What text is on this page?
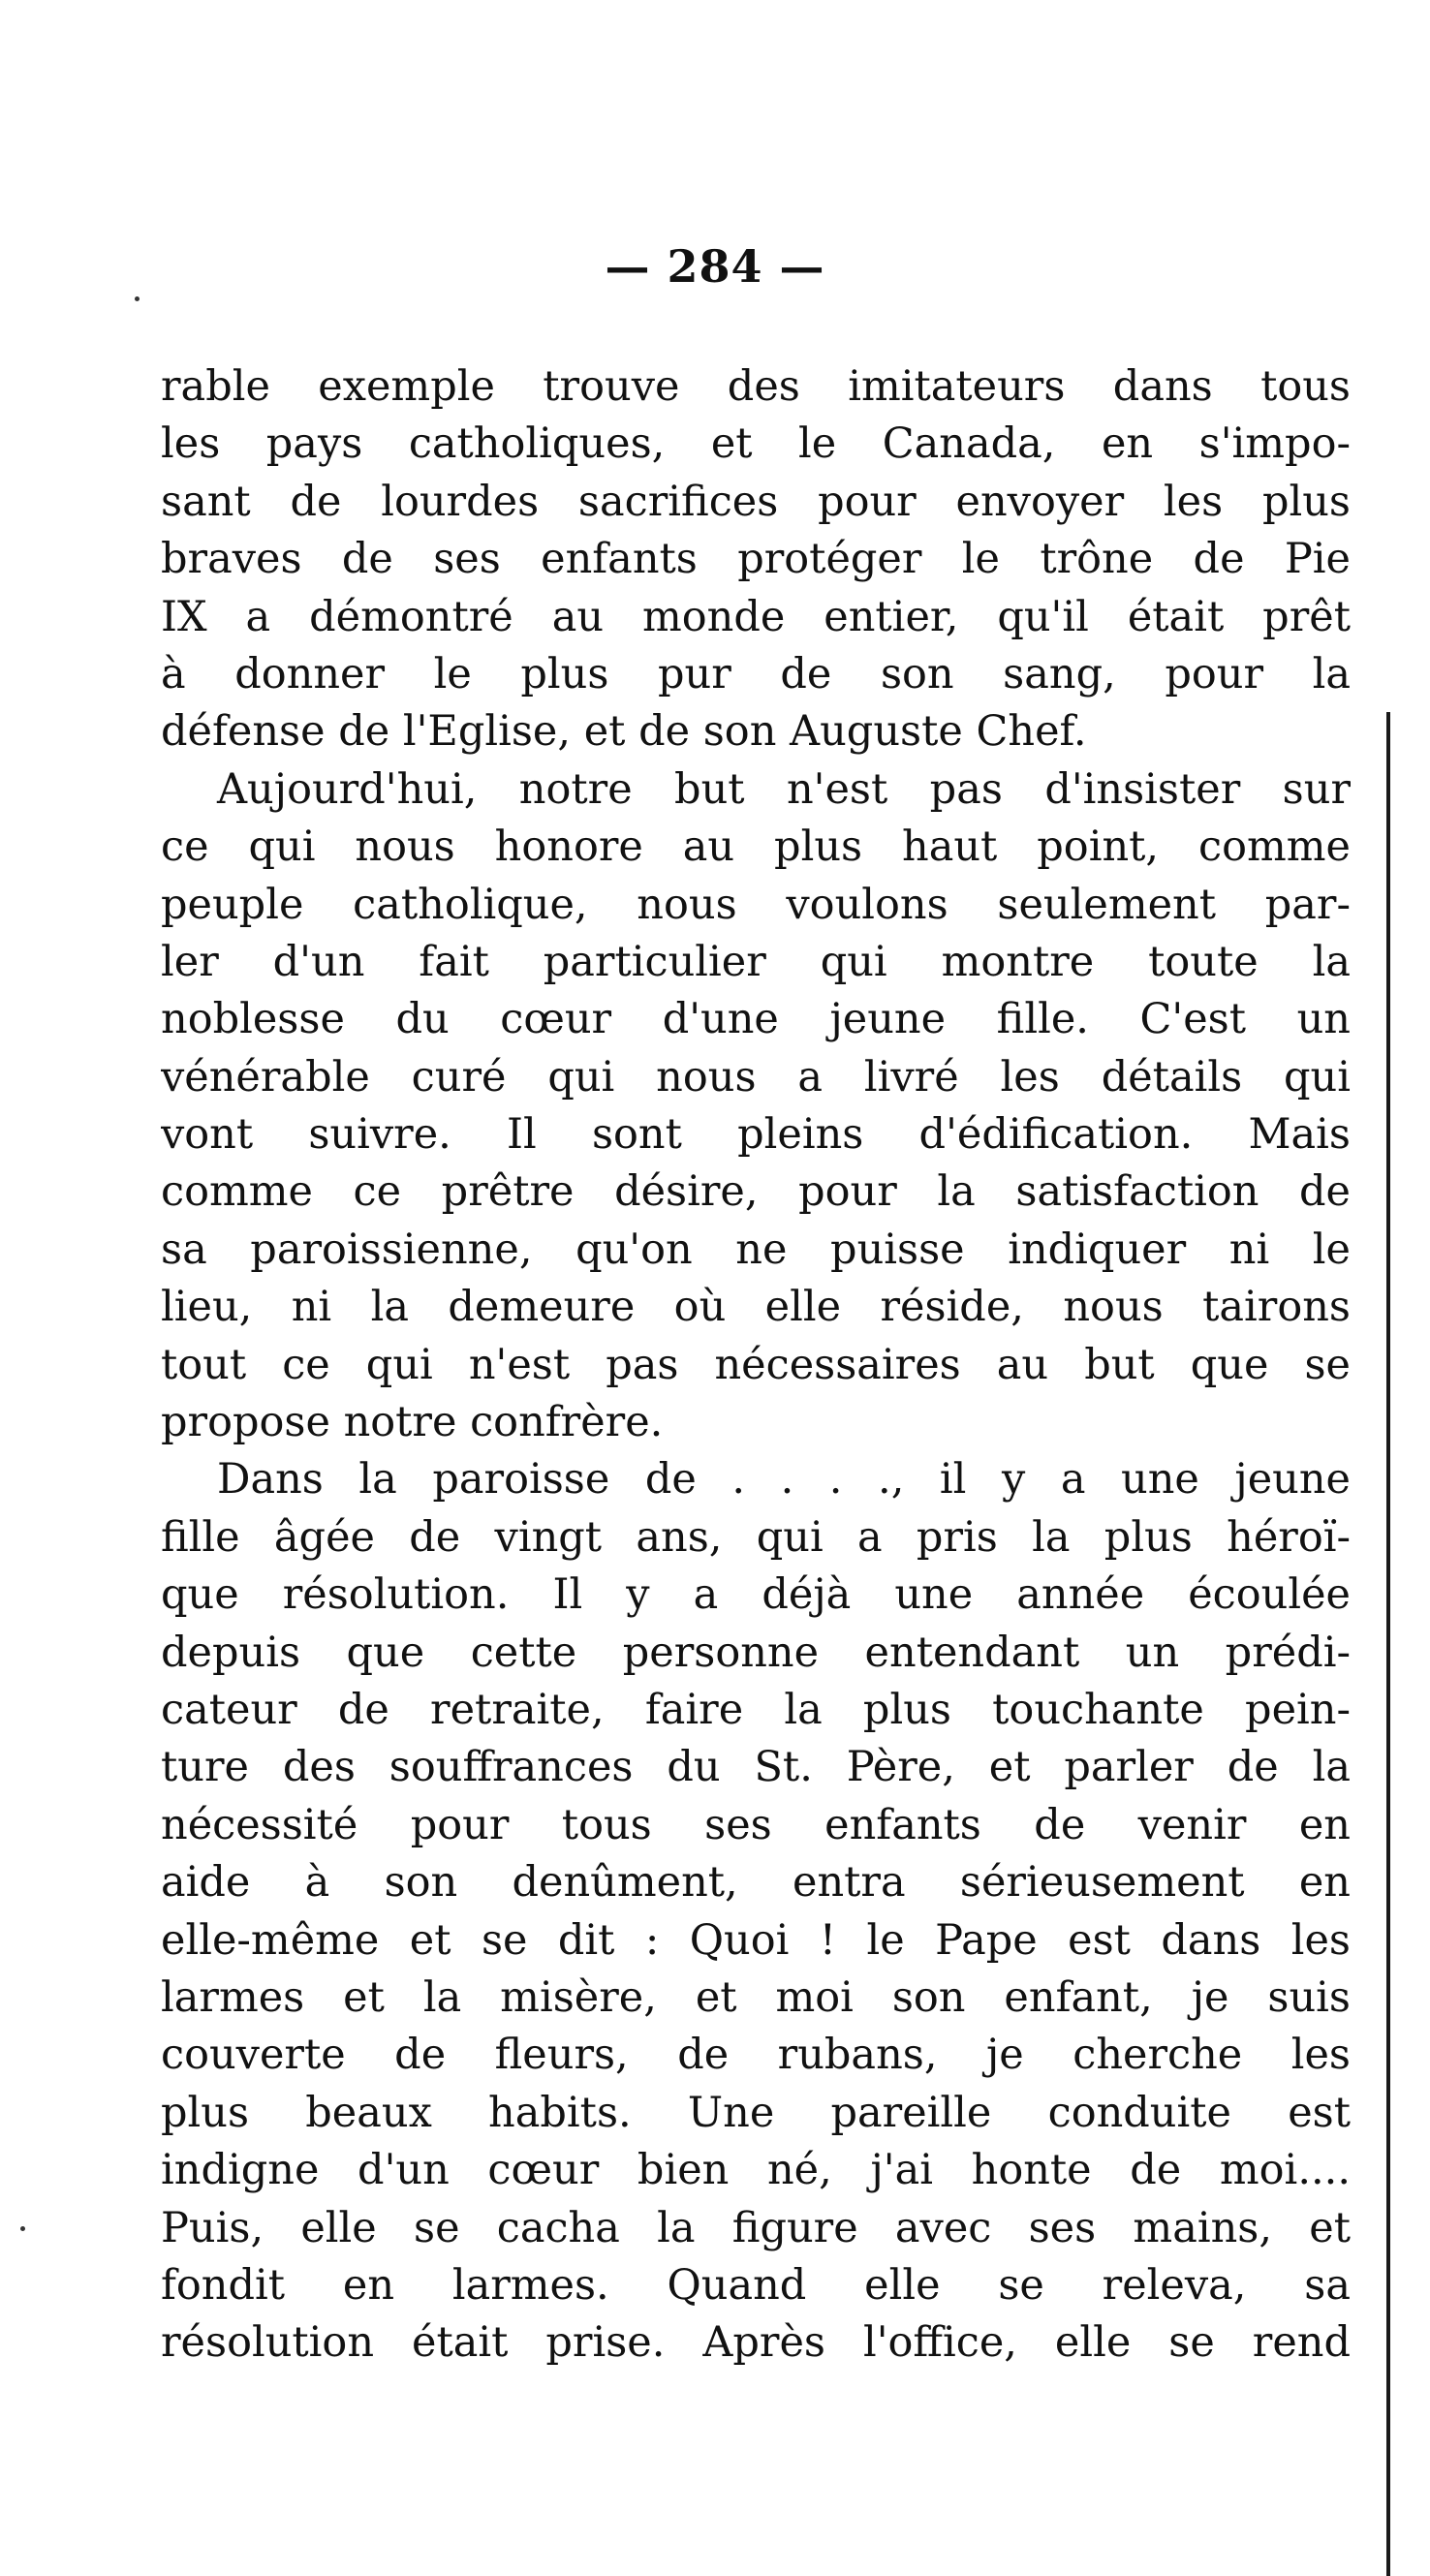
— 284 —
rable exemple trouve des imitateurs dans tous
les pays catholiques, et le Canada, en s'impo-
sant de lourdes sacrifices pour envoyer les plus
braves de ses enfants protéger le trône de Pie
IX a démontré au monde entier, qu'il était prêt
à donner le plus pur de son sang, pour la
défense de l'Eglise, et de son Auguste Chef.
Aujourd'hui, notre but n'est pas d'insister sur
ce qui nous honore au plus haut point, comme
peuple catholique, nous voulons seulement par-
ler d'un fait particulier qui montre toute la
noblesse du cœur d'une jeune fille. C'est un
vénérable curé qui nous a livré les détails qui
vont suivre. Il sont pleins d'édification. Mais
comme ce prêtre désire, pour la satisfaction de
sa paroissienne, qu'on ne puisse indiquer ni le
lieu, ni la demeure où elle réside, nous tairons
tout ce qui n'est pas nécessaires au but que se
propose notre confrère.
Dans la paroisse de . . . ., il y a une jeune
fille âgée de vingt ans, qui a pris la plus héroï-
que résolution. Il y a déjà une année écoulée
depuis que cette personne entendant un prédi-
cateur de retraite, faire la plus touchante pein-
ture des souffrances du St. Père, et parler de la
nécessité pour tous ses enfants de venir en
aide à son denûment, entra sérieusement en
elle-même et se dit : Quoi ! le Pape est dans les
larmes et la misère, et moi son enfant, je suis
couverte de fleurs, de rubans, je cherche les
plus beaux habits. Une pareille conduite est
indigne d'un cœur bien né, j'ai honte de moi....
Puis, elle se cacha la figure avec ses mains, et
fondit en larmes. Quand elle se releva, sa
résolution était prise. Après l'office, elle se rend
